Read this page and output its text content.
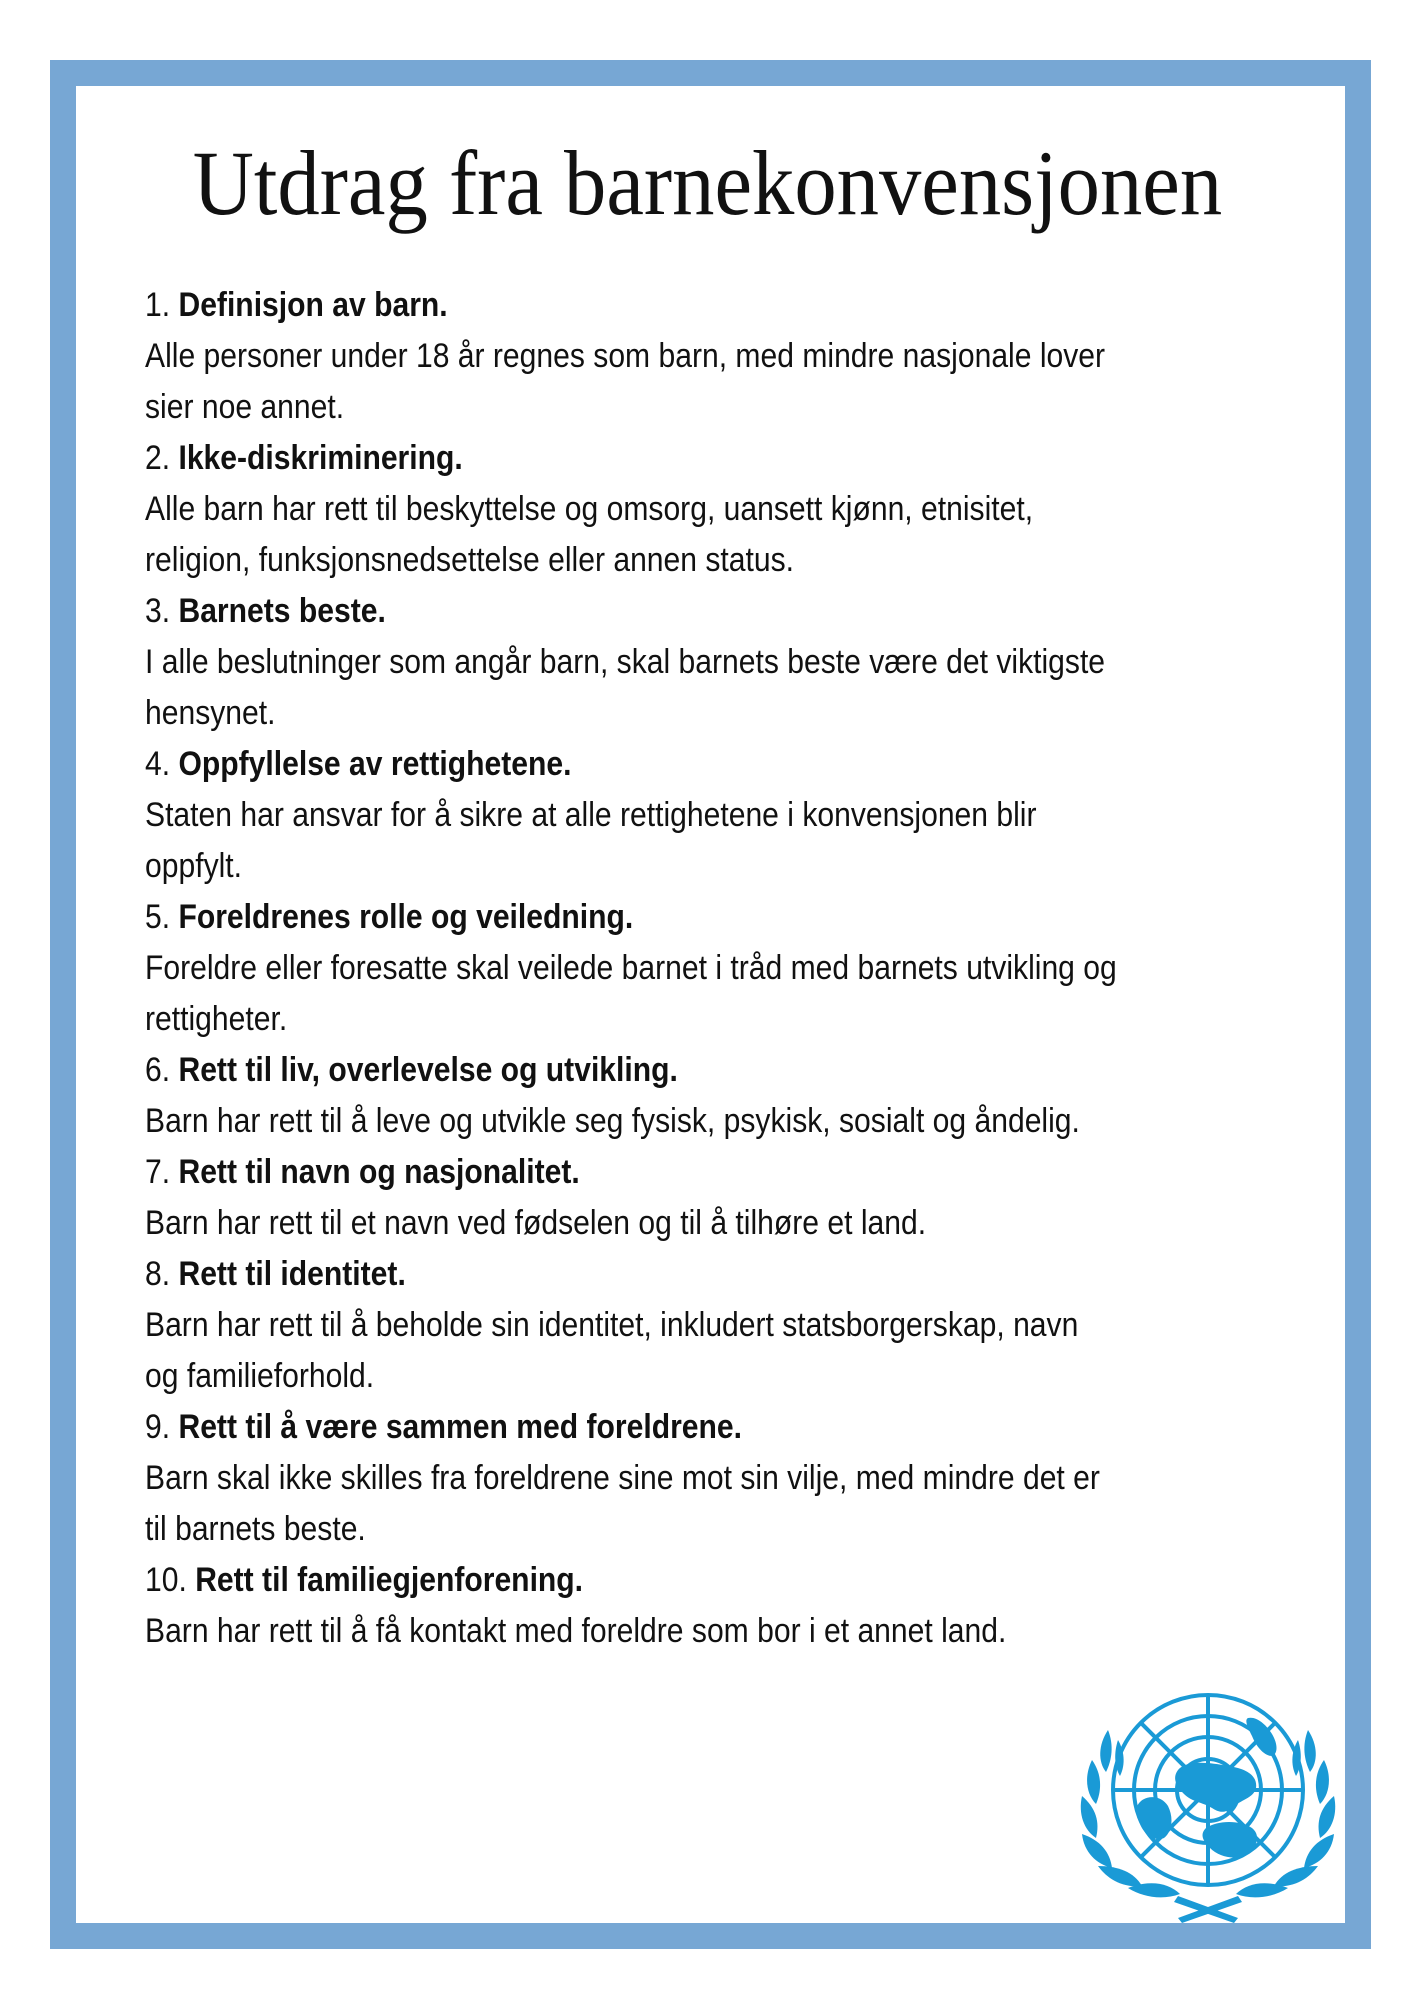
Utdrag fra barnekonvensjonen
1. Definisjon av barn.
Alle personer under 18 år regnes som barn, med mindre nasjonale lover
sier noe annet.
2. Ikke-diskriminering.
Alle barn har rett til beskyttelse og omsorg, uansett kjønn, etnisitet,
religion, funksjonsnedsettelse eller annen status.
3. Barnets beste.
I alle beslutninger som angår barn, skal barnets beste være det viktigste
hensynet.
4. Oppfyllelse av rettighetene.
Staten har ansvar for å sikre at alle rettighetene i konvensjonen blir
oppfylt.
5. Foreldrenes rolle og veiledning.
Foreldre eller foresatte skal veilede barnet i tråd med barnets utvikling og
rettigheter.
6. Rett til liv, overlevelse og utvikling.
Barn har rett til å leve og utvikle seg fysisk, psykisk, sosialt og åndelig.
7. Rett til navn og nasjonalitet.
Barn har rett til et navn ved fødselen og til å tilhøre et land.
8. Rett til identitet.
Barn har rett til å beholde sin identitet, inkludert statsborgerskap, navn
og familieforhold.
9. Rett til å være sammen med foreldrene.
Barn skal ikke skilles fra foreldrene sine mot sin vilje, med mindre det er
til barnets beste.
10. Rett til familiegjenforening.
Barn har rett til å få kontakt med foreldre som bor i et annet land.
